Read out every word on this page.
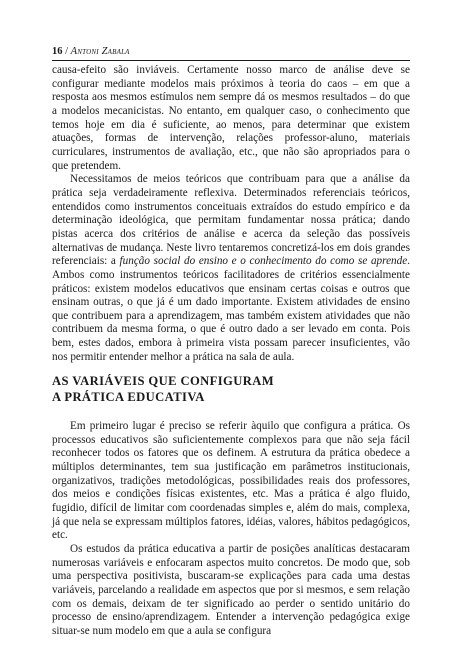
16 / Antoni Zabala

causa-efeito são inviáveis. Certamente nosso marco de análise deve se configurar mediante modelos mais próximos à teoria do caos – em que a resposta aos mesmos estímulos nem sempre dá os mesmos resultados – do que a modelos mecanicistas. No entanto, em qualquer caso, o conhecimento que temos hoje em dia é suficiente, ao menos, para determinar que existem atuações, formas de intervenção, relações professor-aluno, materiais curriculares, instrumentos de avaliação, etc., que não são apropriados para o que pretendem.

Necessitamos de meios teóricos que contribuam para que a análise da prática seja verdadeiramente reflexiva. Determinados referenciais teóricos, entendidos como instrumentos conceituais extraídos do estudo empírico e da determinação ideológica, que permitam fundamentar nossa prática; dando pistas acerca dos critérios de análise e acerca da seleção das possíveis alternativas de mudança. Neste livro tentaremos concretizá-los em dois grandes referenciais: a função social do ensino e o conhecimento do como se aprende. Ambos como instrumentos teóricos facilitadores de critérios essencialmente práticos: existem modelos educativos que ensinam certas coisas e outros que ensinam outras, o que já é um dado importante. Existem atividades de ensino que contribuem para a aprendizagem, mas também existem atividades que não contribuem da mesma forma, o que é outro dado a ser levado em conta. Pois bem, estes dados, embora à primeira vista possam parecer insuficientes, vão nos permitir entender melhor a prática na sala de aula.

AS VARIÁVEIS QUE CONFIGURAM
A PRÁTICA EDUCATIVA

Em primeiro lugar é preciso se referir àquilo que configura a prática. Os processos educativos são suficientemente complexos para que não seja fácil reconhecer todos os fatores que os definem. A estrutura da prática obedece a múltiplos determinantes, tem sua justificação em parâmetros institucionais, organizativos, tradições metodológicas, possibilidades reais dos professores, dos meios e condições físicas existentes, etc. Mas a prática é algo fluido, fugidio, difícil de limitar com coordenadas simples e, além do mais, complexa, já que nela se expressam múltiplos fatores, idéias, valores, hábitos pedagógicos, etc.

Os estudos da prática educativa a partir de posições analíticas destacaram numerosas variáveis e enfocaram aspectos muito concretos. De modo que, sob uma perspectiva positivista, buscaram-se explicações para cada uma destas variáveis, parcelando a realidade em aspectos que por si mesmos, e sem relação com os demais, deixam de ter significado ao perder o sentido unitário do processo de ensino/aprendizagem. Entender a intervenção pedagógica exige situar-se num modelo em que a aula se configura
